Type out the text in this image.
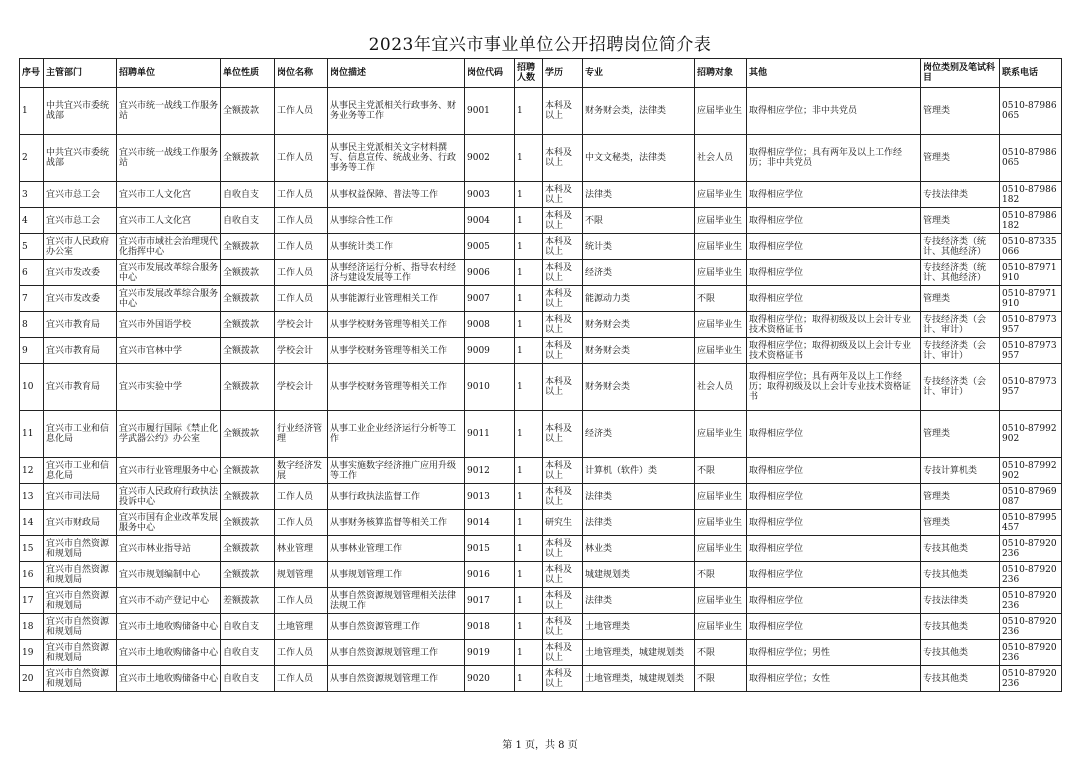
2023年宜兴市事业单位公开招聘岗位简介表
序号	主管部门	招聘单位	单位性质	岗位名称	岗位描述	岗位代码	招聘人数	学历	专业	招聘对象	其他	岗位类别及笔试科目	联系电话
1	中共宜兴市委统战部	宜兴市统一战线工作服务站	全额拨款	工作人员	从事民主党派相关行政事务、财务业务等工作	9001	1	本科及以上	财务财会类，法律类	应届毕业生	取得相应学位；非中共党员	管理类	0510-87986065
2	中共宜兴市委统战部	宜兴市统一战线工作服务站	全额拨款	工作人员	从事民主党派相关文字材料撰写、信息宣传、统战业务、行政事务等工作	9002	1	本科及以上	中文文秘类，法律类	社会人员	取得相应学位；具有两年及以上工作经历；非中共党员	管理类	0510-87986065
3	宜兴市总工会	宜兴市工人文化宫	自收自支	工作人员	从事权益保障、普法等工作	9003	1	本科及以上	法律类	应届毕业生	取得相应学位	专技法律类	0510-87986182
4	宜兴市总工会	宜兴市工人文化宫	自收自支	工作人员	从事综合性工作	9004	1	本科及以上	不限	应届毕业生	取得相应学位	管理类	0510-87986182
5	宜兴市人民政府办公室	宜兴市市域社会治理现代化指挥中心	全额拨款	工作人员	从事统计类工作	9005	1	本科及以上	统计类	应届毕业生	取得相应学位	专技经济类（统计、其他经济）	0510-87335066
6	宜兴市发改委	宜兴市发展改革综合服务中心	全额拨款	工作人员	从事经济运行分析、指导农村经济与建设发展等工作	9006	1	本科及以上	经济类	应届毕业生	取得相应学位	专技经济类（统计、其他经济）	0510-87971910
7	宜兴市发改委	宜兴市发展改革综合服务中心	全额拨款	工作人员	从事能源行业管理相关工作	9007	1	本科及以上	能源动力类	不限	取得相应学位	管理类	0510-87971910
8	宜兴市教育局	宜兴市外国语学校	全额拨款	学校会计	从事学校财务管理等相关工作	9008	1	本科及以上	财务财会类	应届毕业生	取得相应学位；取得初级及以上会计专业技术资格证书	专技经济类（会计、审计）	0510-87973957
9	宜兴市教育局	宜兴市官林中学	全额拨款	学校会计	从事学校财务管理等相关工作	9009	1	本科及以上	财务财会类	应届毕业生	取得相应学位；取得初级及以上会计专业技术资格证书	专技经济类（会计、审计）	0510-87973957
10	宜兴市教育局	宜兴市实验中学	全额拨款	学校会计	从事学校财务管理等相关工作	9010	1	本科及以上	财务财会类	社会人员	取得相应学位；具有两年及以上工作经历；取得初级及以上会计专业技术资格证书	专技经济类（会计、审计）	0510-87973957
11	宜兴市工业和信息化局	宜兴市履行国际《禁止化学武器公约》办公室	全额拨款	行业经济管理	从事工业企业经济运行分析等工作	9011	1	本科及以上	经济类	应届毕业生	取得相应学位	管理类	0510-87992902
12	宜兴市工业和信息化局	宜兴市行业管理服务中心	全额拨款	数字经济发展	从事实施数字经济推广应用升级等工作	9012	1	本科及以上	计算机（软件）类	不限	取得相应学位	专技计算机类	0510-87992902
13	宜兴市司法局	宜兴市人民政府行政执法投诉中心	全额拨款	工作人员	从事行政执法监督工作	9013	1	本科及以上	法律类	应届毕业生	取得相应学位	管理类	0510-87969087
14	宜兴市财政局	宜兴市国有企业改革发展服务中心	全额拨款	工作人员	从事财务核算监督等相关工作	9014	1	研究生	法律类	应届毕业生	取得相应学位	管理类	0510-87995457
15	宜兴市自然资源和规划局	宜兴市林业指导站	全额拨款	林业管理	从事林业管理工作	9015	1	本科及以上	林业类	应届毕业生	取得相应学位	专技其他类	0510-87920236
16	宜兴市自然资源和规划局	宜兴市规划编制中心	全额拨款	规划管理	从事规划管理工作	9016	1	本科及以上	城建规划类	不限	取得相应学位	专技其他类	0510-87920236
17	宜兴市自然资源和规划局	宜兴市不动产登记中心	差额拨款	工作人员	从事自然资源规划管理相关法律法规工作	9017	1	本科及以上	法律类	应届毕业生	取得相应学位	专技法律类	0510-87920236
18	宜兴市自然资源和规划局	宜兴市土地收购储备中心	自收自支	土地管理	从事自然资源管理工作	9018	1	本科及以上	土地管理类	应届毕业生	取得相应学位	专技其他类	0510-87920236
19	宜兴市自然资源和规划局	宜兴市土地收购储备中心	自收自支	工作人员	从事自然资源规划管理工作	9019	1	本科及以上	土地管理类，城建规划类	不限	取得相应学位；男性	专技其他类	0510-87920236
20	宜兴市自然资源和规划局	宜兴市土地收购储备中心	自收自支	工作人员	从事自然资源规划管理工作	9020	1	本科及以上	土地管理类，城建规划类	不限	取得相应学位；女性	专技其他类	0510-87920236
第 1 页，共 8 页
